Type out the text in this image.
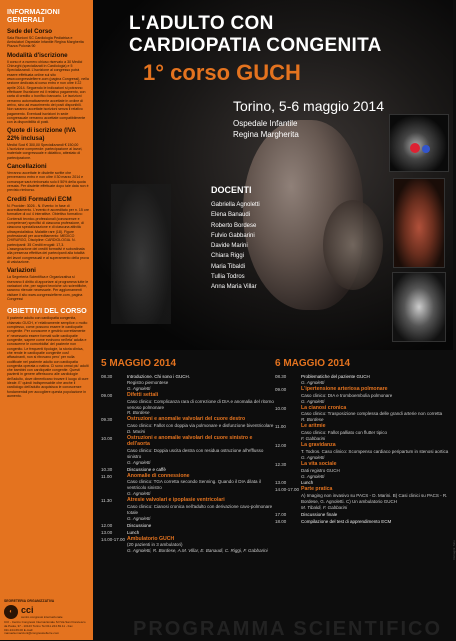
INFORMAZIONI GENERALI
Sede del Corso
Sala Riunioni SC Cardiologia Pediatrica e Ambulatori Ospedale Infantile Regina Margherita Piazza Polonia 90
Modalità d'iscrizione
Il corso è a numero chiuso riservato a 30 Medici Chirurghi (specializzati in Cardiologia) e 5 Specializzandi. L'iscrizione al congresso potrà essere effettuata online sul sito www.congressiefierre.com (pagina Congressi), nella sezione dedicata al corso entro e non oltre il 22 aprile 2014. Seguendo le indicazioni si potranno effettuare l'iscrizione ed il relativo pagamento, con carta di credito o bonifico bancario. Le iscrizioni verranno automaticamente accettate in ordine di arrivo, sino ad esaurimento dei posti disponibili. Non saranno accettate iscrizioni senza il relativo pagamento. Eventuali iscrizioni in sede congressuale verranno accettate compatibilmente con la disponibilità di posti.
Quote di iscrizione (IVA 22% inclusa)
Medici Soci € 300,00 Specializzandi € 150,00 L'iscrizione comprende: partecipazione ai lavori, materiale congressuale e didattico, attestato di partecipazione.
Cancellazioni
Verranno accettate le disdette scritte che perverranno entro e non oltre il 30 marzo 2014 e comunque sarà rimborsato solo il 50% della quota versata. Per disdette effettuate dopo tale data non è previsto rimborso.
Crediti Formativi ECM
N. Provider: 3026 - N. Evento: in fase di accreditamento. L'evento è accreditato per n. 15 ore formative di cui 4 interattive. Obiettivo formativo: Contenuti tecnico-professionali (conoscenze e competenze) specifici di ciascuna professione, di ciascuna specializzazione e di ciascuna attività ultraspecialistica. Malattie rare (18). Figure professionali per accreditamento: MEDICO CHIRURGO, Discipline: CARDIOLOGIA. N. partecipanti: 35 Crediti erogati: 17,3. L'assegnazione dei crediti formativi è subordinata alla presenza effettiva dei partecipanti alla totalità dei lavori congressuali e al superamento della prova di valutazione.
Variazioni
La Segreteria Scientifica e Organizzativa si riservano il diritto di apportare al programma tutte le variazioni che, per ragioni tecniche o/o scientifiche, saranno ritenute necessarie. Per aggiornamenti visitare il sito www.congressiefierre.com, pagina Congressi
OBIETTIVI DEL CORSO
Il paziente adulto con cardiopatia congenita, chiamato GUCH, e' relativamente semplice o molto complesso, come possono essere le cardiopatie congenite. Per conoscere e gestirlo correttamente e' necessario essere formati sulle cardiopatie congenite, sapere come evolvono nell'eta' adulta e conoscerne le comorbidita' del paziente non congenito. Le frequenti tipologie, la storia clinica, che rende le cardiopatie congenite cosi' affascinanti, non si ritrovano pero' per nulla codificate nel paziente adulto con cardiopatia congenita operata o nativa. Ci sono ormai piu' adulti che bambini con cardiopatie congenite. Questi pazienti in genere afferiscono alle cardiologie dell'adulto, dove dimenticano trovare il luogo di cure ideale. E' quindi indispensabile che anche il cardiologo dell'adulto acquisisca le conoscenze fondamentali per accogliere questa popolazione in aumento.
SEGRETERIA ORGANIZZATIVA
◐ cci
centro congressi internazionale
CCI - Centro Congressi Internazionale Srl Via San Francesco da Paola, 37 - 10123 Torino Tel 011.244.69.11 - Fax 011.244.69.00 E-mail: manuela.maccioni@congressiefierre.com
L'ADULTO CON
CARDIOPATIA CONGENITA
1° corso GUCH
Torino, 5-6 maggio 2014
Ospedale Infantile
Regina Margherita
DOCENTI
Gabriella Agnoletti
Elena Banaudi
Roberto Bordese
Fulvio Gabbarini
Davide Marini
Chiara Riggi
Maria Tibaldi
Tullia Todros
Anna Maria Villar
PROGRAMMA SCIENTIFICO
5 MAGGIO 2014
08.30	Introduzione. Chi sono i GUCH.
Registro piemontese
G. Agnoletti
09.00	Difetti settali
Caso clinico: Complicanza rara di correzione di DIA e anomalia del ritorno venoso polmonare
R. Bordese
09.30	Ostruzioni e anomalie valvolari del cuore destro
Caso clinico: Fallot con doppia via polmonare e disfunzione biventricolare
D. Marini
10.00	Ostruzioni e anomalie valvolari del cuore sinistro e dell'aorta
Caso clinico: Doppia uscita destra con residua ostruzione all'efflusso sinistro
G. Agnoletti
10.30	Discussione e caffè
11.00	Anomalie di connessione
Caso clinico: TGA corretta secondo Senning. Quando il DIA dilata il ventricolo sinistro
G. Agnoletti
11.30	Atresie valvolari e ipoplasie ventricolari
Caso clinico: Cianosi cronica nell'adulto con derivazione cavo-polmonare totale
G. Agnoletti
12.00	Discussione
13.00	Lunch
14.00-17.00 Ambulatorio GUCH
(20 pazienti in 3 ambulatori)
G. Agnoletti, R. Bordese, A.M. Villar, E. Banaudi, C. Riggi, F. Gabbarini
6 MAGGIO 2014
08.30	Problematiche del paziente GUCH
G. Agnoletti
09.00	L'ipertensione arteriosa polmonare
Caso clinico: DIA e tromboembolia polmonare
G. Agnoletti
10.00	La cianosi cronica
Caso clinico: Trasposizione complessa delle grandi arterie non corretta
R. Bordese
11.00	Le aritmie
Caso clinico: Fallot palliato con flutter tipico
F. Gabbarini
12.00	La gravidanza
T. Todros. Caso clinico: Scompenso cardiaco peripartum in stenosi aortica
G. Agnoletti
12.30	La vita sociale
Dati registro GUCH
G. Agnoletti
13.00	Lunch
14.00-17.00 Parte pratica
A) Imaging non invasivo su PACS - D. Marini. B) Casi clinici su PACS - R. Bordese, G. Agnoletti. C) Un ambulatorio GUCH
M. Tibaldi, F. Gabbarini
17.00	Discussione finale
18.00	Compilazione del test di apprendimento ECM
Immagini: Sirio
